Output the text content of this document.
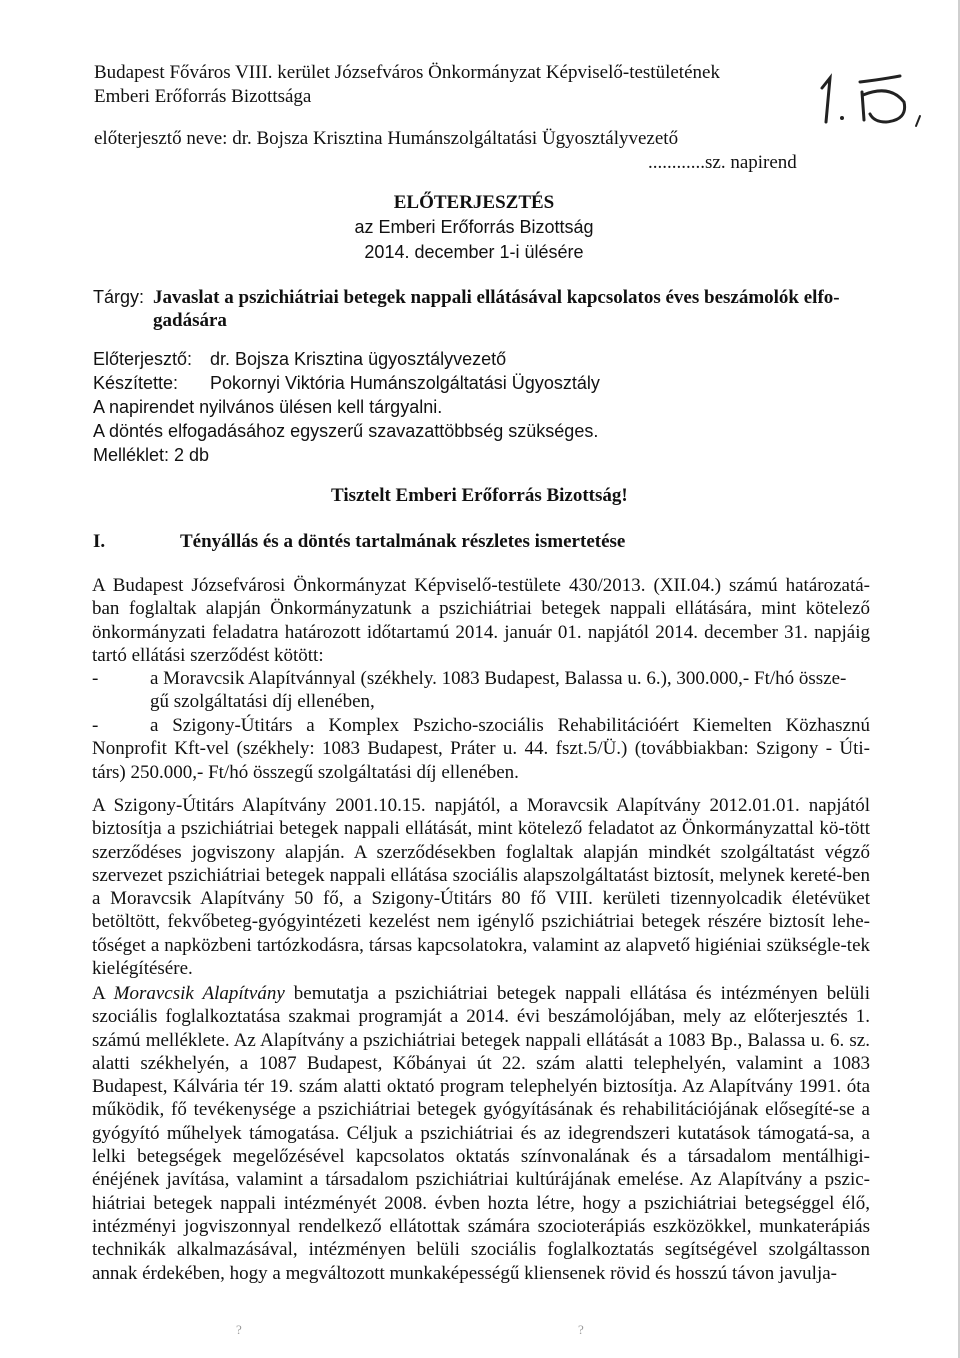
Budapest Főváros VIII. kerület Józsefváros Önkormányzat Képviselő-testületének
Emberi Erőforrás Bizottsága
előterjesztő neve: dr. Bojsza Krisztina Humánszolgáltatási Ügyosztályvezető
............sz. napirend
ELŐTERJESZTÉS
az Emberi Erőforrás Bizottság
2014. december 1-i ülésére
Tárgy: Javaslat a pszichiátriai betegek nappali ellátásával kapcsolatos éves beszámolók elfo-
gadására
Előterjesztő: dr. Bojsza Krisztina ügyosztályvezető
Készítette: Pokornyi Viktória Humánszolgáltatási Ügyosztály
A napirendet nyilvános ülésen kell tárgyalni.
A döntés elfogadásához egyszerű szavazattöbbség szükséges.
Melléklet: 2 db
Tisztelt Emberi Erőforrás Bizottság!
I.	Tényállás és a döntés tartalmának részletes ismertetése

A Budapest Józsefvárosi Önkormányzat Képviselő-testülete 430/2013. (XII.04.) számú határozatá-ban foglaltak alapján Önkormányzatunk a pszichiátriai betegek nappali ellátására, mint kötelező önkormányzati feladatra határozott időtartamú 2014. január 01. napjától 2014. december 31. napjáig tartó ellátási szerződést kötött:

-	a Moravcsik Alapítvánnyal (székhely. 1083 Budapest, Balassa u. 6.), 300.000,- Ft/hó össze-
gű szolgáltatási díj ellenében,
-	a Szigony-Útitárs a Komplex Pszicho-szociális Rehabilitációért Kiemelten Közhasznú
Nonprofit Kft-vel (székhely: 1083 Budapest, Práter u. 44. fszt.5/Ü.) (továbbiakban: Szigony - Úti-
társ) 250.000,- Ft/hó összegű szolgáltatási díj ellenében.

A Szigony-Útitárs Alapítvány 2001.10.15. napjától, a Moravcsik Alapítvány 2012.01.01. napjától biztosítja a pszichiátriai betegek nappali ellátását, mint kötelező feladatot az Önkormányzattal kö-tött szerződéses jogviszony alapján. A szerződésekben foglaltak alapján mindkét szolgáltatást végző szervezet pszichiátriai betegek nappali ellátása szociális alapszolgáltatást biztosít, melynek kereté-ben a Moravcsik Alapítvány 50 fő, a Szigony-Útitárs 80 fő VIII. kerületi tizennyolcadik életévüket betöltött, fekvőbeteg-gyógyintézeti kezelést nem igénylő pszichiátriai betegek részére biztosít lehe-tőséget a napközbeni tartózkodásra, társas kapcsolatokra, valamint az alapvető higiéniai szükségle-tek kielégítésére.

A Moravcsik Alapítvány bemutatja a pszichiátriai betegek nappali ellátása és intézményen belüli szociális foglalkoztatása szakmai programját a 2014. évi beszámolójában, mely az előterjesztés 1. számú melléklete. Az Alapítvány a pszichiátriai betegek nappali ellátását a 1083 Bp., Balassa u. 6. sz. alatti székhelyén, a 1087 Budapest, Kőbányai út 22. szám alatti telephelyén, valamint a 1083 Budapest, Kálvária tér 19. szám alatti oktató program telephelyén biztosítja. Az Alapítvány 1991. óta működik, fő tevékenysége a pszichiátriai betegek gyógyításának és rehabilitációjának elősegíté-se a gyógyító műhelyek támogatása. Céljuk a pszichiátriai és az idegrendszeri kutatások támogatá-sa, a lelki betegségek megelőzésével kapcsolatos oktatás színvonalának és a társadalom mentálhigi-énéjének javítása, valamint a társadalom pszichiátriai kultúrájának emelése. Az Alapítvány a pszic-hiátriai betegek nappali intézményét 2008. évben hozta létre, hogy a pszichiátriai betegséggel élő, intézményi jogviszonnyal rendelkező ellátottak számára szocioterápiás eszközökkel, munkaterápiás technikák alkalmazásával, intézményen belüli szociális foglalkoztatás segítségével szolgáltasson annak érdekében, hogy a megváltozott munkaképességű kliensenek rövid és hosszú távon javulja-

?	?
